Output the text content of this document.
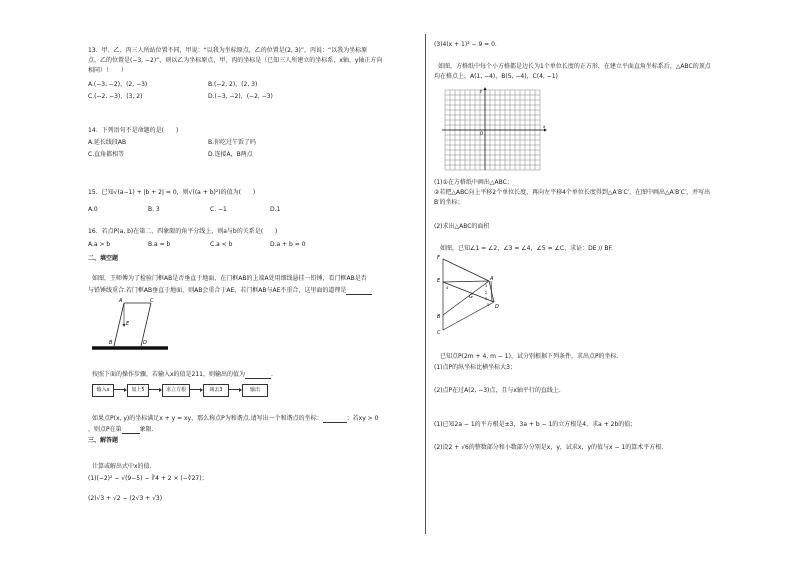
13．甲、乙、丙三人所站位置不同，甲说：“以我为坐标原点，乙的位置是(2, 3)”，丙说：“以我为坐标原
点，乙的位置是(−3, −2)”，则以乙为坐标原点，甲、丙的坐标是（已知三人所建立的坐标系，x轴、y轴正方向
相同）（　　）
A.(−3, −2)，(2, −3)	B.(−2, 2)，(2, 3)
C.(−2, −3)，(3, 2)	D.(−3, −2)，(−2, −3)
14．下列语句不是命题的是(　　)
A.延长线段AB	B.你吃过午饭了吗
C.直角都相等	D.连接A，B两点
15．已知√(a−1) + |b + 2| = 0，则√((a + b)²)的值为(　　)
A.0	B. 3	C. −1	D.1
16．若点P(a, b)在第二、四象限的角平分线上，则a与b的关系是(　　)
A.a > b	B.a = b	C.a < b	D.a + b = 0
二、填空题
如图，王师傅为了检验门框AB是否垂直于地面，在门框AB的上端A处用细线悬挂一铅锤，看门框AB是否
与铅锤线重合.若门框AB垂直于地面，则AB会重合于AE，若门框AB与AE不重合，这里面的道理是
A	C
E
B	D
按照下面的操作步骤，若输入x的值是211，则输出的值为	.
输入x	加上5	求立方根	减去3	输出
如果点P(x, y)的坐标满足x + y = xy，那么称点P为和谐点.请写出一个和谐点的坐标：	；若xy > 0
，则点P在第	象限.
三、解答题
计算或解出式中x的值.
(1)(−2)² − √(9−5) − ∛4 + 2 × (−∛27)；
(2)√3 + √2 − (2√3 + √3)
(3)4(x + 1)² − 9 = 0.
如图，方格纸中每个小方格都是边长为1个单位长度的正方形，在建立平面直角坐标系后，△ABC的顶点
均在格点上，A(1, −4)，B(5, −4)，C(4, −1)
x
y
O
(1)①在方格纸中画出△ABC；
②若把△ABC向上平移2个单位长度，再向左平移4个单位长度得到△A′B′C′，在图中画出△A′B′C′，并写出
B′的坐标；
(2)求出△ABC的面积
如图，已知∠1 = ∠2，∠3 = ∠4，∠5 = ∠C，求证：DE // BF.
F
A
E
B
G
D
C
1
2
3
4
5
已知点P(2m + 4, m − 1)，试分别根据下列条件，求出点P的坐标.
(1)点P的纵坐标比横坐标大3；
(2)点P在过A(2, −3)点，且与x轴平行的直线上.
(1)已知2a − 1的平方根是±3，3a + b − 1的立方根是4，求a + 2b的值；
(2)设2 + √6的整数部分和小数部分分别是x，y，试求x，y的值与x − 1的算术平方根.
